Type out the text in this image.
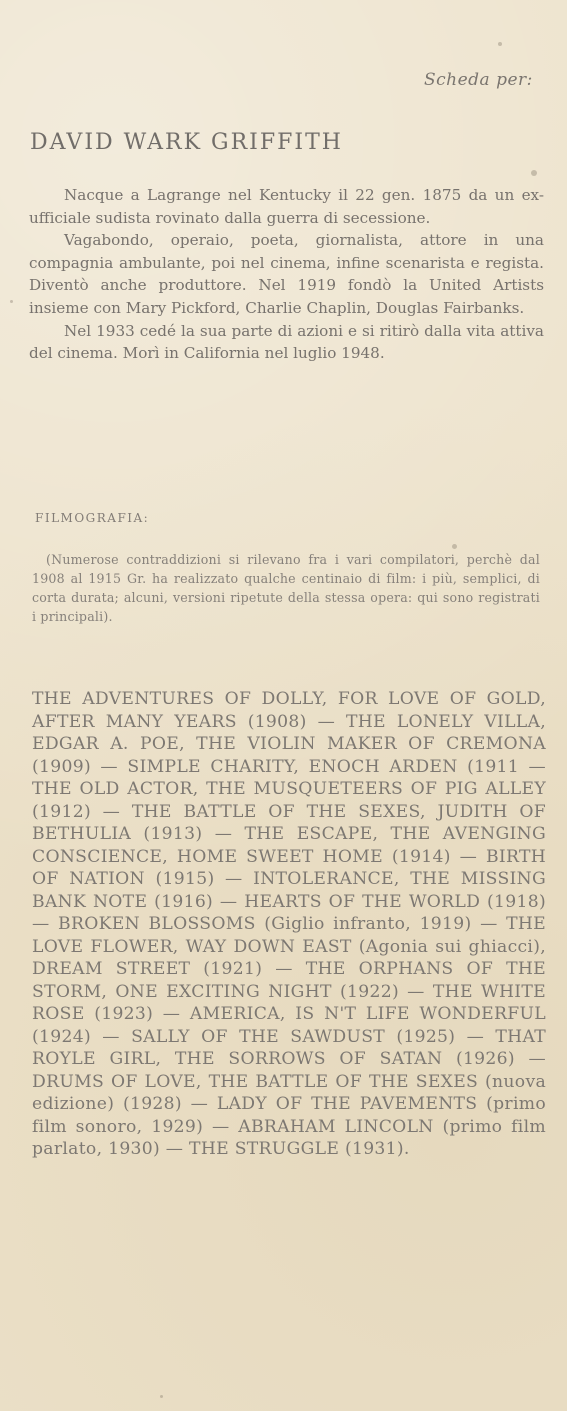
Scheda per:
DAVID WARK GRIFFITH

Nacque a Lagrange nel Kentucky il 22 gen. 1875 da un ex-ufficiale sudista rovinato dalla guerra di secessione.

Vagabondo, operaio, poeta, giornalista, attore in una compagnia ambulante, poi nel cinema, infine scenarista e regista. Diventò anche produttore. Nel 1919 fondò la United Artists insieme con Mary Pickford, Charlie Chaplin, Douglas Fairbanks.

Nel 1933 cedé la sua parte di azioni e si ritirò dalla vita attiva del cinema. Morì in California nel luglio 1948.

FILMOGRAFIA:

(Numerose contraddizioni si rilevano fra i vari compilatori, perchè dal 1908 al 1915 Gr. ha realizzato qualche centinaio di film: i più, semplici, di corta durata; alcuni, versioni ripetute della stessa opera: qui sono registrati i principali).

THE ADVENTURES OF DOLLY, FOR LOVE OF GOLD, AFTER MANY YEARS (1908) — THE LONELY VILLA, EDGAR A. POE, THE VIOLIN MAKER OF CREMONA (1909) — SIMPLE CHARITY, ENOCH ARDEN (1911 — THE OLD ACTOR, THE MUSQUETEERS OF PIG ALLEY (1912) — THE BATTLE OF THE SEXES, JUDITH OF BETHULIA (1913) — THE ESCAPE, THE AVENGING CONSCIENCE, HOME SWEET HOME (1914) — BIRTH OF NATION (1915) — INTOLERANCE, THE MISSING BANK NOTE (1916) — HEARTS OF THE WORLD (1918) — BROKEN BLOSSOMS (Giglio infranto, 1919) — THE LOVE FLOWER, WAY DOWN EAST (Agonia sui ghiacci), DREAM STREET (1921) — THE ORPHANS OF THE STORM, ONE EXCITING NIGHT (1922) — THE WHITE ROSE (1923) — AMERICA, IS N'T LIFE WONDERFUL (1924) — SALLY OF THE SAWDUST (1925) — THAT ROYLE GIRL, THE SORROWS OF SATAN (1926) — DRUMS OF LOVE, THE BATTLE OF THE SEXES (nuova edizione) (1928) — LADY OF THE PAVEMENTS (primo film sonoro, 1929) — ABRAHAM LINCOLN (primo film parlato, 1930) — THE STRUGGLE (1931).
